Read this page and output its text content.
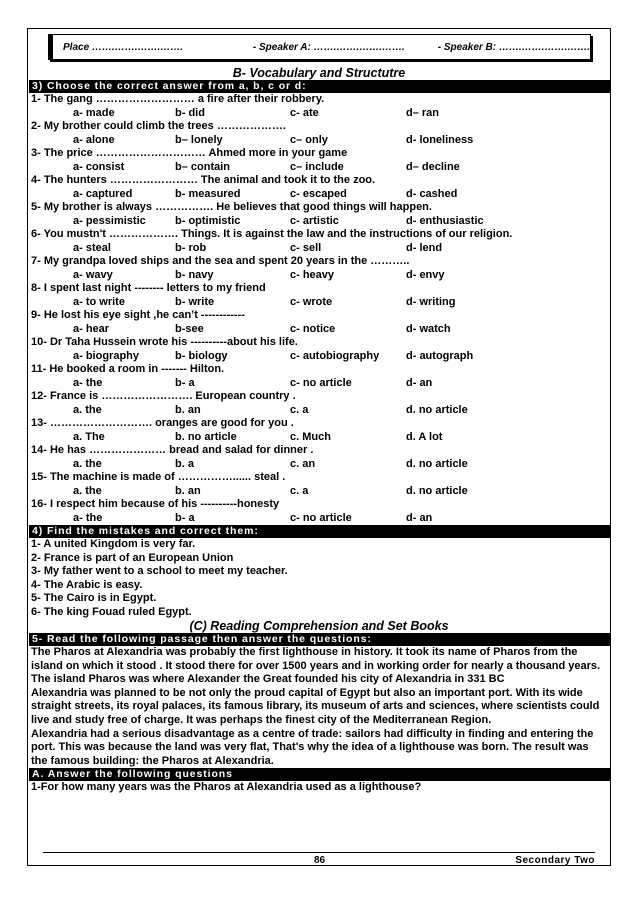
Place …….…….…….…….	- Speaker A: …….…….…….…….	- Speaker B: …….…….…….…….
B- Vocabulary and Structutre
3) Choose the correct answer from a, b, c or d:
1- The gang ……………………… a fire after their robbery.
a- made	b- did	c- ate	d– ran
2- My brother could climb the trees ……………….
a- alone	b– lonely	c– only	d- loneliness
3- The price ………………………… Ahmed more in your game
a- consist	b– contain	c– include	d– decline
4- The hunters …………………… The animal and took it to the zoo.
a- captured	b- measured	c- escaped	d- cashed
5- My brother is always ……………. He believes that good things will happen.
a- pessimistic	b- optimistic	c- artistic	d- enthusiastic
6- You mustn't ………………. Things. It is against the law and the instructions of our religion.
a- steal	b- rob	c- sell	d- lend
7- My grandpa loved ships and the sea and spent 20 years in the ………..
a- wavy	b- navy	c- heavy	d- envy
8- I spent last night -------- letters to my friend
a- to write	b- write	c- wrote	d- writing
9- He lost his eye sight ,he can’t ------------
a- hear	b-see	c- notice	d- watch
10- Dr Taha Hussein wrote his ----------about his life.
a- biography	b- biology	c- autobiography d- autograph
11- He booked a room in ------- Hilton.
a- the	b- a	c- no article	d- an
12- France is ……………………. European country .
a. the	b. an	c. a	d. no article
13- ………………………. oranges are good for you .
a. The	b. no article	c. Much	d. A lot
14- He has ………………… bread and salad for dinner .
a. the	b. a	c. an	d. no article
15- The machine is made of ……………...... steal .
a. the	b. an	c. a	d. no article
16- I respect him because of his ----------honesty
a- the	b- a	c- no article	d- an
4) Find the mistakes and correct them:
1- A united Kingdom is very far.
2- France is part of an European Union
3- My father went to a school to meet my teacher.
4- The Arabic is easy.
5- The Cairo is in Egypt.
6- The king Fouad ruled Egypt.
(C) Reading Comprehension and Set Books
5- Read the following passage then answer the questions:
The Pharos at Alexandria was probably the first lighthouse in history. It took its name of Pharos from the island on which it stood . It stood there for over 1500 years and in working order for nearly a thousand years. The island Pharos was where Alexander the Great founded his city of Alexandria in 331 BC
Alexandria was planned to be not only the proud capital of Egypt but also an important port. With its wide straight streets, its royal palaces, its famous library, its museum of arts and sciences, where scientists could live and study free of charge. It was perhaps the finest city of the Mediterranean Region.
Alexandria had a serious disadvantage as a centre of trade: sailors had difficulty in finding and entering the port. This was because the land was very flat, That's why the idea of a lighthouse was born. The result was the famous building: the Pharos at Alexandria.
A. Answer the following questions
1-For how many years was the Pharos at Alexandria used as a lighthouse?
86	Secondary Two
